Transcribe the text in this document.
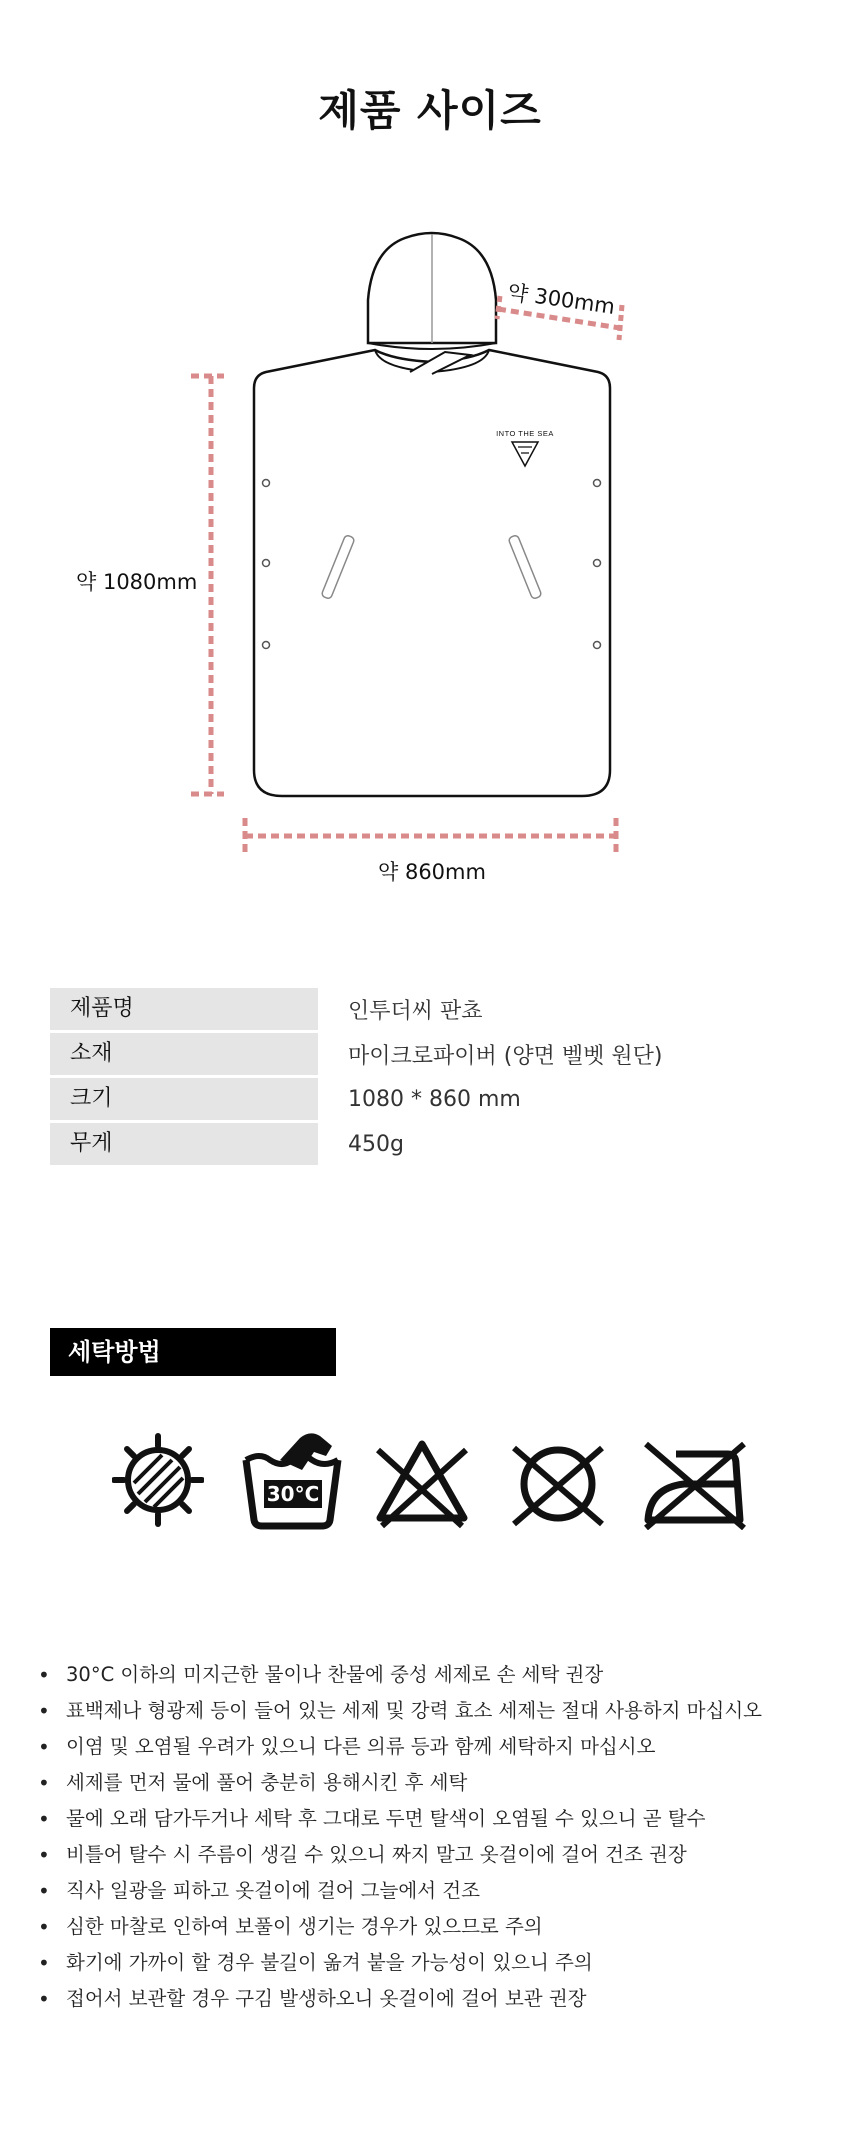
제품 사이즈
INTO THE SEA
약 300mm
약 1080mm
약 860mm
제품명	인투더씨 판쵸
소재	마이크로파이버 (양면 벨벳 원단)
크기	1080 * 860 mm
무게	450g
세탁방법
30°C
• 30°C 이하의 미지근한 물이나 찬물에 중성 세제로 손 세탁 권장
• 표백제나 형광제 등이 들어 있는 세제 및 강력 효소 세제는 절대 사용하지 마십시오
• 이염 및 오염될 우려가 있으니 다른 의류 등과 함께 세탁하지 마십시오
• 세제를 먼저 물에 풀어 충분히 용해시킨 후 세탁
• 물에 오래 담가두거나 세탁 후 그대로 두면 탈색이 오염될 수 있으니 곧 탈수
• 비틀어 탈수 시 주름이 생길 수 있으니 짜지 말고 옷걸이에 걸어 건조 권장
• 직사 일광을 피하고 옷걸이에 걸어 그늘에서 건조
• 심한 마찰로 인하여 보풀이 생기는 경우가 있으므로 주의
• 화기에 가까이 할 경우 불길이 옮겨 붙을 가능성이 있으니 주의
• 접어서 보관할 경우 구김 발생하오니 옷걸이에 걸어 보관 권장
